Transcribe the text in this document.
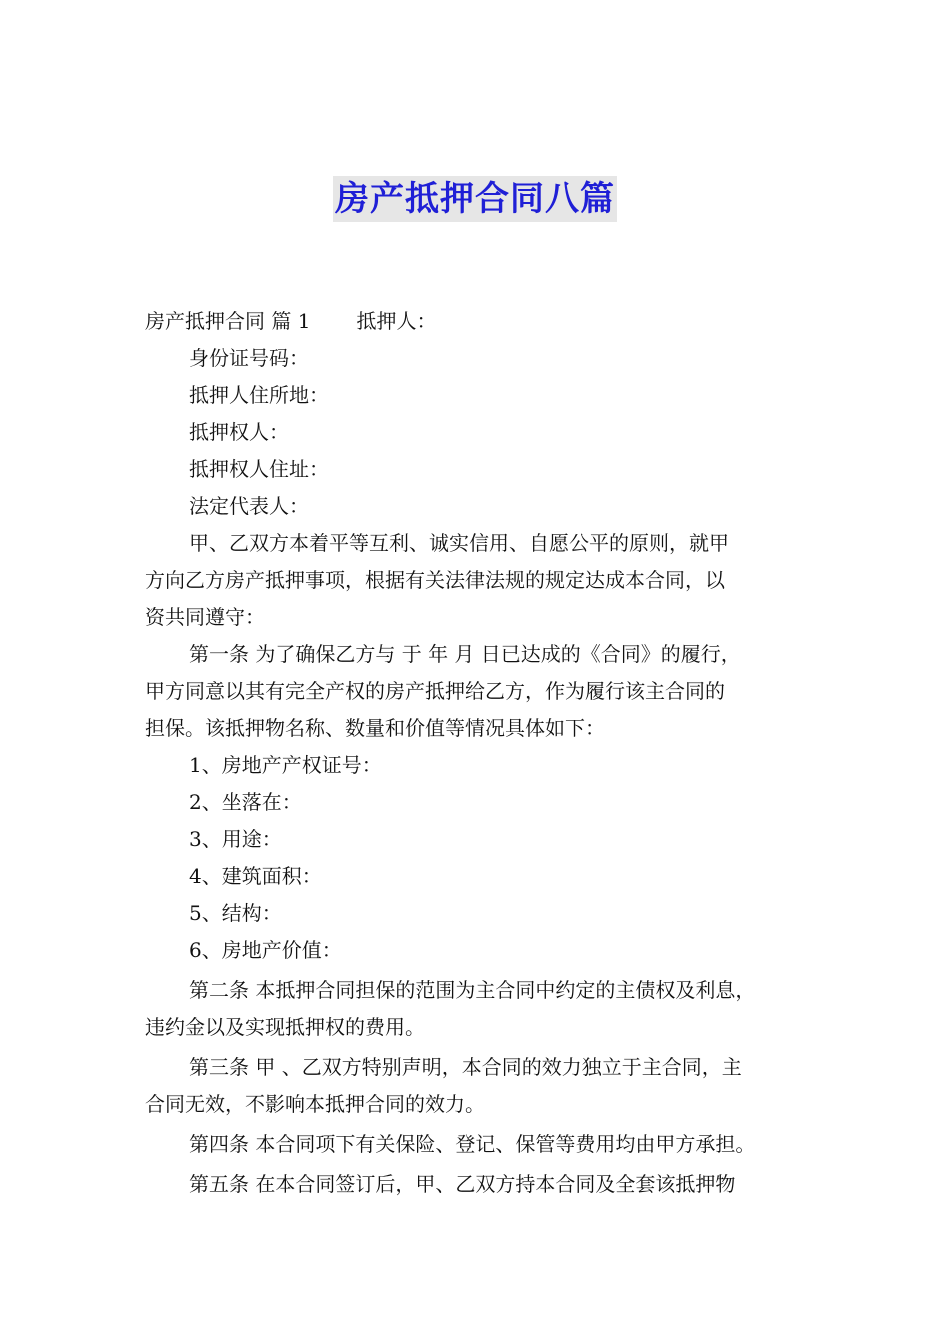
房产抵押合同八篇
房产抵押合同 篇 1 抵押人：
身份证号码：
抵押人住所地：
抵押权人：
抵押权人住址：
法定代表人：
甲、乙双方本着平等互利、诚实信用、自愿公平的原则，就甲
方向乙方房产抵押事项，根据有关法律法规的规定达成本合同，以
资共同遵守：
第一条 为了确保乙方与 于 年 月 日已达成的《合同》的履行，
甲方同意以其有完全产权的房产抵押给乙方，作为履行该主合同的
担保。该抵押物名称、数量和价值等情况具体如下：
1、房地产产权证号：
2、坐落在：
3、用途：
4、建筑面积：
5、结构：
6、房地产价值：
第二条 本抵押合同担保的范围为主合同中约定的主债权及利息，
违约金以及实现抵押权的费用。
第三条 甲 、乙双方特别声明，本合同的效力独立于主合同，主
合同无效，不影响本抵押合同的效力。
第四条 本合同项下有关保险、登记、保管等费用均由甲方承担。
第五条 在本合同签订后，甲、乙双方持本合同及全套该抵押物
